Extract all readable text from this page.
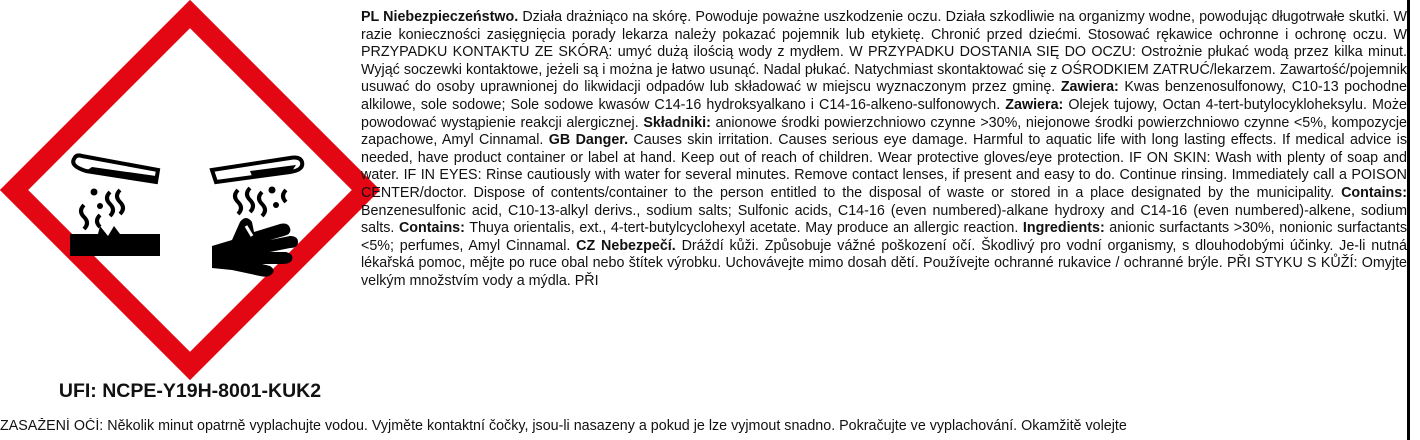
UFI: NCPE-Y19H-8001-KUK2

PL Niebezpieczeństwo. Działa drażniąco na skórę. Powoduje poważne uszkodzenie oczu. Działa szkodliwie na organizmy wodne, powodując długotrwałe skutki. W razie konieczności zasięgnięcia porady lekarza należy pokazać pojemnik lub etykietę. Chronić przed dziećmi. Stosować rękawice ochronne i ochronę oczu. W PRZYPADKU KONTAKTU ZE SKÓRĄ: umyć dużą ilością wody z mydłem. W PRZYPADKU DOSTANIA SIĘ DO OCZU: Ostrożnie płukać wodą przez kilka minut. Wyjąć soczewki kontaktowe, jeżeli są i można je łatwo usunąć. Nadal płukać. Natychmiast skontaktować się z OŚRODKIEM ZATRUĆ/lekarzem. Zawartość/pojemnik usuwać do osoby uprawnionej do likwidacji odpadów lub składować w miejscu wyznaczonym przez gminę. Zawiera: Kwas benzenosulfonowy, C10-13 pochodne alkilowe, sole sodowe; Sole sodowe kwasów C14-16 hydroksyalkano i C14-16-alkeno-sulfonowych. Zawiera: Olejek tujowy, Octan 4-tert-butylocykloheksylu. Może powodować wystąpienie reakcji alergicznej. Składniki: anionowe środki powierzchniowo czynne >30%, niejonowe środki powierzchniowo czynne <5%, kompozycje zapachowe, Amyl Cinnamal. GB Danger. Causes skin irritation. Causes serious eye damage. Harmful to aquatic life with long lasting effects. If medical advice is needed, have product container or label at hand. Keep out of reach of children. Wear protective gloves/eye protection. IF ON SKIN: Wash with plenty of soap and water. IF IN EYES: Rinse cautiously with water for several minutes. Remove contact lenses, if present and easy to do. Continue rinsing. Immediately call a POISON CENTER/doctor. Dispose of contents/container to the person entitled to the disposal of waste or stored in a place designated by the municipality. Contains: Benzenesulfonic acid, C10-13-alkyl derivs., sodium salts; Sulfonic acids, C14-16 (even numbered)-alkane hydroxy and C14-16 (even numbered)-alkene, sodium salts. Contains: Thuya orientalis, ext., 4-tert-butylcyclohexyl acetate. May produce an allergic reaction. Ingredients: anionic surfactants >30%, nonionic surfactants <5%; perfumes, Amyl Cinnamal. CZ Nebezpečí. Dráždí kůži. Způsobuje vážné poškození očí. Škodlivý pro vodní organismy, s dlouhodobými účinky. Je-li nutná lékařská pomoc, mějte po ruce obal nebo štítek výrobku. Uchovávejte mimo dosah dětí. Používejte ochranné rukavice / ochranné brýle. PŘI STYKU S KŮŽÍ: Omyjte velkým množstvím vody a mýdla. PŘI

ZASAŽENÍ OČÍ: Několik minut opatrně vyplachujte vodou. Vyjměte kontaktní čočky, jsou-li nasazeny a pokud je lze vyjmout snadno. Pokračujte ve vyplachování. Okamžitě volejte
